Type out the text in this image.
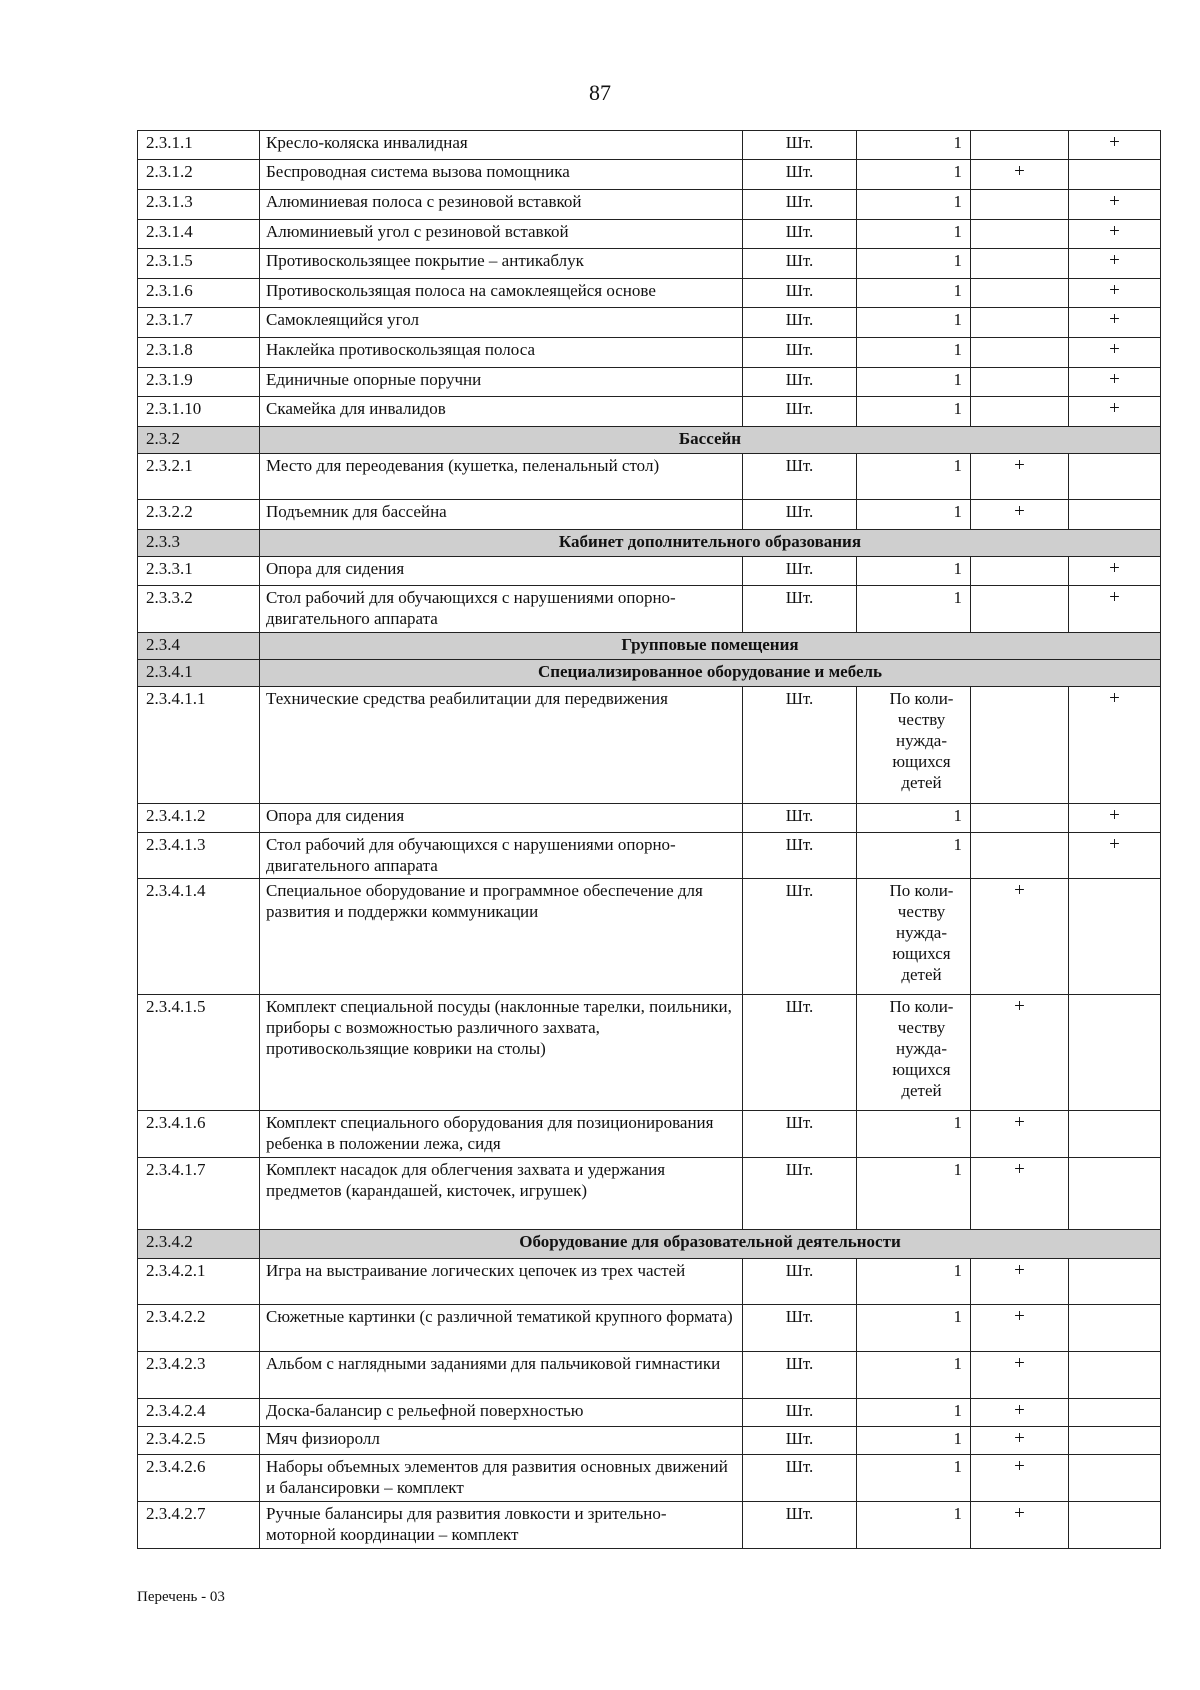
87
2.3.1.1	Кресло-коляска инвалидная	Шт.	1		+
2.3.1.2	Беспроводная система вызова помощника	Шт.	1	+	
2.3.1.3	Алюминиевая полоса с резиновой вставкой	Шт.	1		+
2.3.1.4	Алюминиевый угол с резиновой вставкой	Шт.	1		+
2.3.1.5	Противоскользящее покрытие – антикаблук	Шт.	1		+
2.3.1.6	Противоскользящая полоса на самоклеящейся основе	Шт.	1		+
2.3.1.7	Самоклеящийся угол	Шт.	1		+
2.3.1.8	Наклейка противоскользящая полоса	Шт.	1		+
2.3.1.9	Единичные опорные поручни	Шт.	1		+
2.3.1.10	Скамейка для инвалидов	Шт.	1		+
2.3.2	Бассейн				
2.3.2.1	Место для переодевания (кушетка, пеленальный стол)	Шт.	1	+	
2.3.2.2	Подъемник для бассейна	Шт.	1	+	
2.3.3	Кабинет дополнительного образования				
2.3.3.1	Опора для сидения	Шт.	1		+
2.3.3.2	Стол рабочий для обучающихся с нарушениями опорно-двигательного аппарата	Шт.	1		+
2.3.4	Групповые помещения				
2.3.4.1	Специализированное оборудование и мебель				
2.3.4.1.1	Технические средства реабилитации для передвижения	Шт.	По коли-честву нужда-ющихся детей		+
2.3.4.1.2	Опора для сидения	Шт.	1		+
2.3.4.1.3	Стол рабочий для обучающихся с нарушениями опорно-двигательного аппарата	Шт.	1		+
2.3.4.1.4	Специальное оборудование и программное обеспечение для развития и поддержки коммуникации	Шт.	По коли-честву нужда-ющихся детей	+	
2.3.4.1.5	Комплект специальной посуды (наклонные тарелки, поильники, приборы с возможностью различного захвата, противоскользящие коврики на столы)	Шт.	По коли-честву нужда-ющихся детей	+	
2.3.4.1.6	Комплект специального оборудования для позиционирования ребенка в положении лежа, сидя	Шт.	1	+	
2.3.4.1.7	Комплект насадок для облегчения захвата и удержания предметов (карандашей, кисточек, игрушек)	Шт.	1	+	
2.3.4.2	Оборудование для образовательной деятельности				
2.3.4.2.1	Игра на выстраивание логических цепочек из трех частей	Шт.	1	+	
2.3.4.2.2	Сюжетные картинки (с различной тематикой крупного формата)	Шт.	1	+	
2.3.4.2.3	Альбом с наглядными заданиями для пальчиковой гимнастики	Шт.	1	+	
2.3.4.2.4	Доска-балансир с рельефной поверхностью	Шт.	1	+	
2.3.4.2.5	Мяч физиоролл	Шт.	1	+	
2.3.4.2.6	Наборы объемных элементов для развития основных движений и балансировки – комплект	Шт.	1	+	
2.3.4.2.7	Ручные балансиры для развития ловкости и зрительно-моторной координации – комплект	Шт.	1	+	
Перечень - 03
